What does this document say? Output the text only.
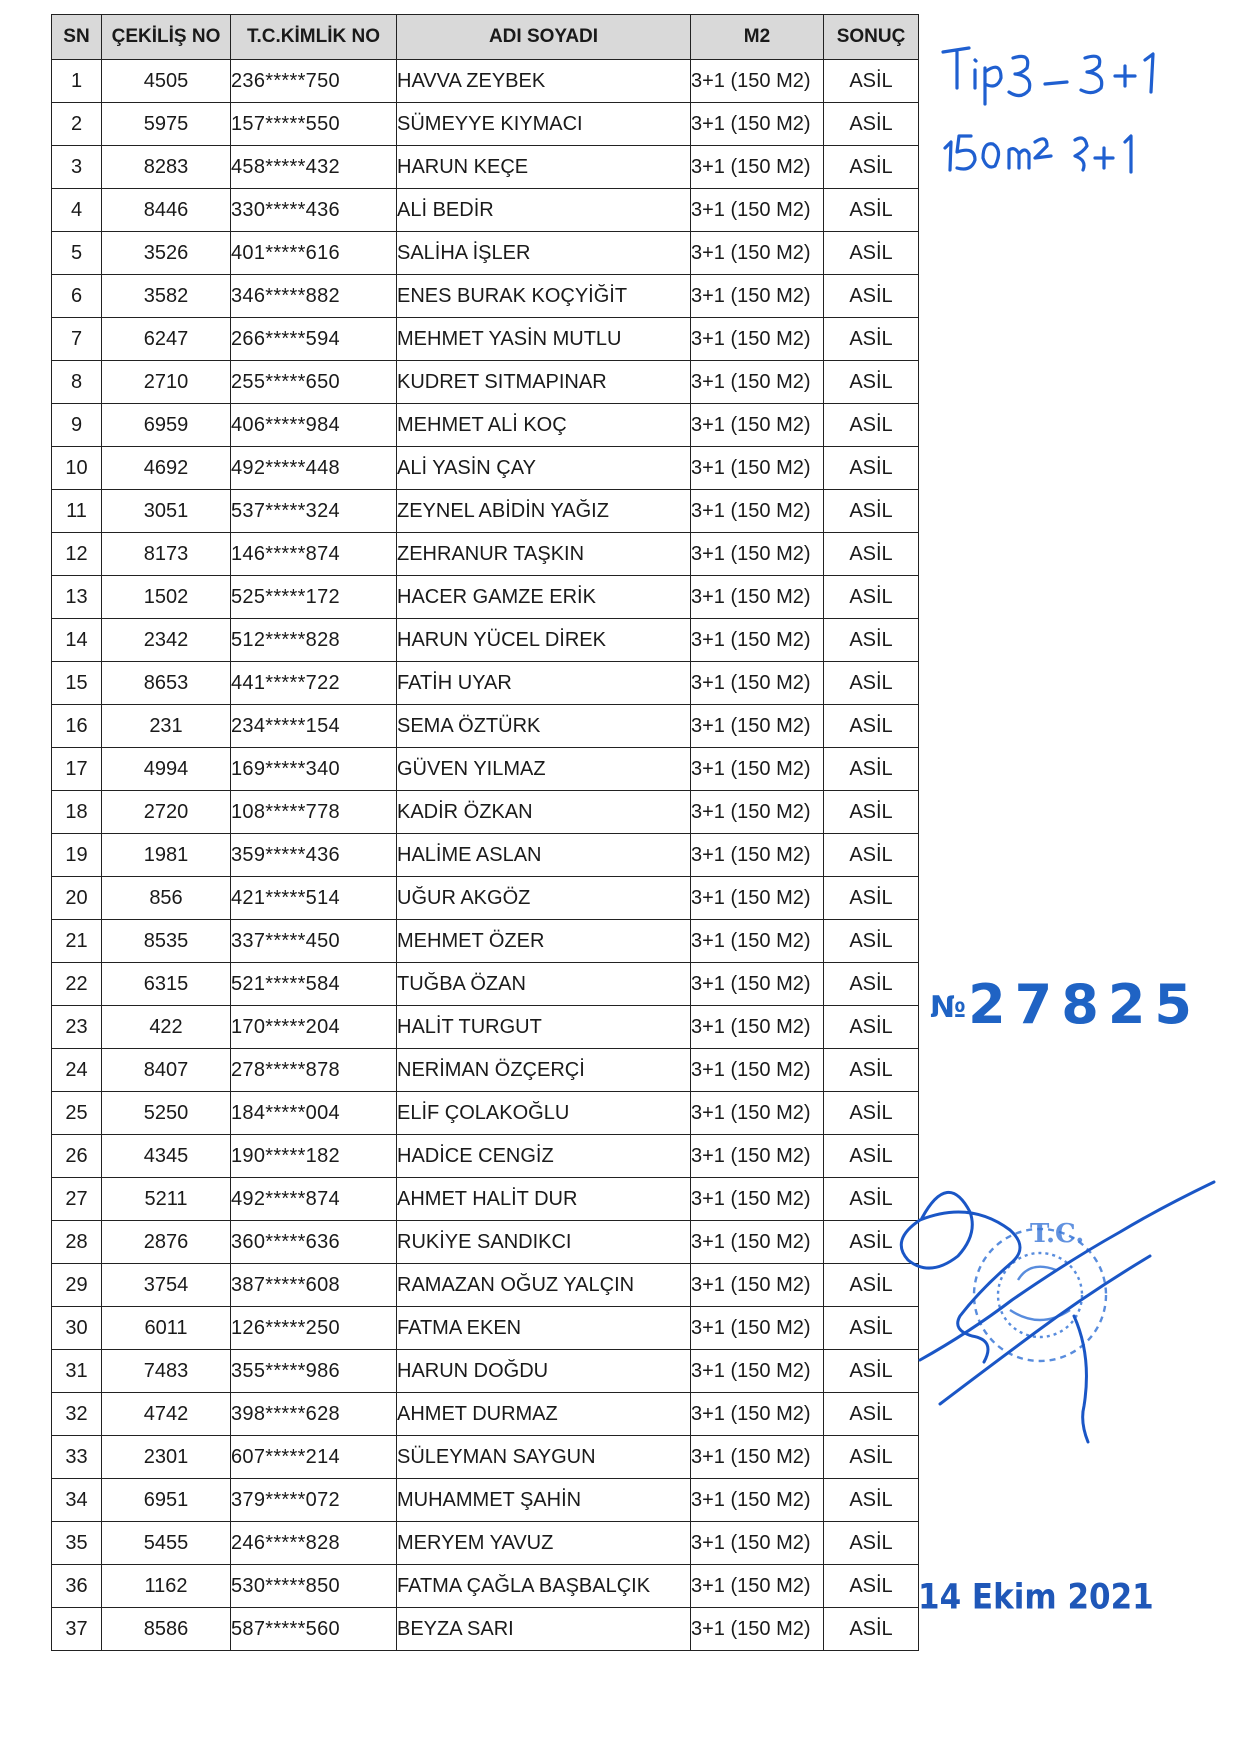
SN	ÇEKİLİŞ NO	T.C.KİMLİK NO	ADI SOYADI	M2	SONUÇ
1	4505	236*****750	HAVVA ZEYBEK	3+1 (150 M2)	ASİL
2	5975	157*****550	SÜMEYYE KIYMACI	3+1 (150 M2)	ASİL
3	8283	458*****432	HARUN KEÇE	3+1 (150 M2)	ASİL
4	8446	330*****436	ALİ BEDİR	3+1 (150 M2)	ASİL
5	3526	401*****616	SALİHA İŞLER	3+1 (150 M2)	ASİL
6	3582	346*****882	ENES BURAK KOÇYİĞİT	3+1 (150 M2)	ASİL
7	6247	266*****594	MEHMET YASİN MUTLU	3+1 (150 M2)	ASİL
8	2710	255*****650	KUDRET SITMAPINAR	3+1 (150 M2)	ASİL
9	6959	406*****984	MEHMET ALİ KOÇ	3+1 (150 M2)	ASİL
10	4692	492*****448	ALİ YASİN ÇAY	3+1 (150 M2)	ASİL
11	3051	537*****324	ZEYNEL ABİDİN YAĞIZ	3+1 (150 M2)	ASİL
12	8173	146*****874	ZEHRANUR TAŞKIN	3+1 (150 M2)	ASİL
13	1502	525*****172	HACER GAMZE ERİK	3+1 (150 M2)	ASİL
14	2342	512*****828	HARUN YÜCEL DİREK	3+1 (150 M2)	ASİL
15	8653	441*****722	FATİH UYAR	3+1 (150 M2)	ASİL
16	231	234*****154	SEMA ÖZTÜRK	3+1 (150 M2)	ASİL
17	4994	169*****340	GÜVEN YILMAZ	3+1 (150 M2)	ASİL
18	2720	108*****778	KADİR ÖZKAN	3+1 (150 M2)	ASİL
19	1981	359*****436	HALİME ASLAN	3+1 (150 M2)	ASİL
20	856	421*****514	UĞUR AKGÖZ	3+1 (150 M2)	ASİL
21	8535	337*****450	MEHMET ÖZER	3+1 (150 M2)	ASİL
22	6315	521*****584	TUĞBA ÖZAN	3+1 (150 M2)	ASİL
23	422	170*****204	HALİT TURGUT	3+1 (150 M2)	ASİL
24	8407	278*****878	NERİMAN ÖZÇERÇİ	3+1 (150 M2)	ASİL
25	5250	184*****004	ELİF ÇOLAKOĞLU	3+1 (150 M2)	ASİL
26	4345	190*****182	HADİCE CENGİZ	3+1 (150 M2)	ASİL
27	5211	492*****874	AHMET HALİT DUR	3+1 (150 M2)	ASİL
28	2876	360*****636	RUKİYE SANDIKCI	3+1 (150 M2)	ASİL
29	3754	387*****608	RAMAZAN OĞUZ YALÇIN	3+1 (150 M2)	ASİL
30	6011	126*****250	FATMA EKEN	3+1 (150 M2)	ASİL
31	7483	355*****986	HARUN DOĞDU	3+1 (150 M2)	ASİL
32	4742	398*****628	AHMET DURMAZ	3+1 (150 M2)	ASİL
33	2301	607*****214	SÜLEYMAN SAYGUN	3+1 (150 M2)	ASİL
34	6951	379*****072	MUHAMMET ŞAHİN	3+1 (150 M2)	ASİL
35	5455	246*****828	MERYEM YAVUZ	3+1 (150 M2)	ASİL
36	1162	530*****850	FATMA ÇAĞLA BAŞBALÇIK	3+1 (150 M2)	ASİL
37	8586	587*****560	BEYZA SARI	3+1 (150 M2)	ASİL
№27825
T.C.
14 Ekim 2021
